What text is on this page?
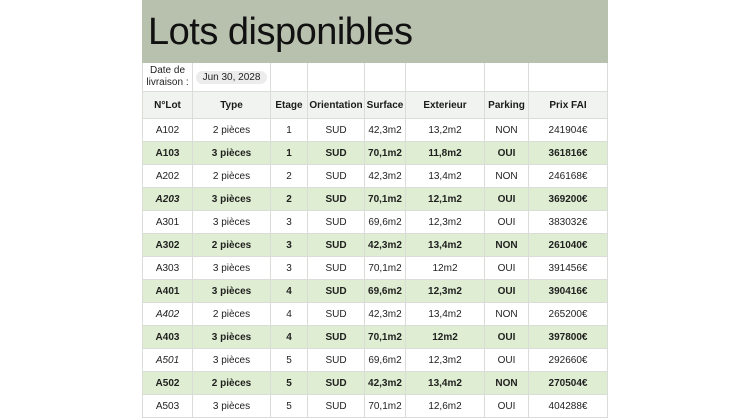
Lots disponibles
Date de livraison :	Jun 30, 2028						
N°Lot	Type	Etage	Orientation	Surface	Exterieur	Parking	Prix FAI
A102	2 pièces	1	SUD	42,3m2	13,2m2	NON	241904€
A103	3 pièces	1	SUD	70,1m2	11,8m2	OUI	361816€
A202	2 pièces	2	SUD	42,3m2	13,4m2	NON	246168€
A203	3 pièces	2	SUD	70,1m2	12,1m2	OUI	369200€
A301	3 pièces	3	SUD	69,6m2	12,3m2	OUI	383032€
A302	2 pièces	3	SUD	42,3m2	13,4m2	NON	261040€
A303	3 pièces	3	SUD	70,1m2	12m2	OUI	391456€
A401	3 pièces	4	SUD	69,6m2	12,3m2	OUI	390416€
A402	2 pièces	4	SUD	42,3m2	13,4m2	NON	265200€
A403	3 pièces	4	SUD	70,1m2	12m2	OUI	397800€
A501	3 pièces	5	SUD	69,6m2	12,3m2	OUI	292660€
A502	2 pièces	5	SUD	42,3m2	13,4m2	NON	270504€
A503	3 pièces	5	SUD	70,1m2	12,6m2	OUI	404288€
